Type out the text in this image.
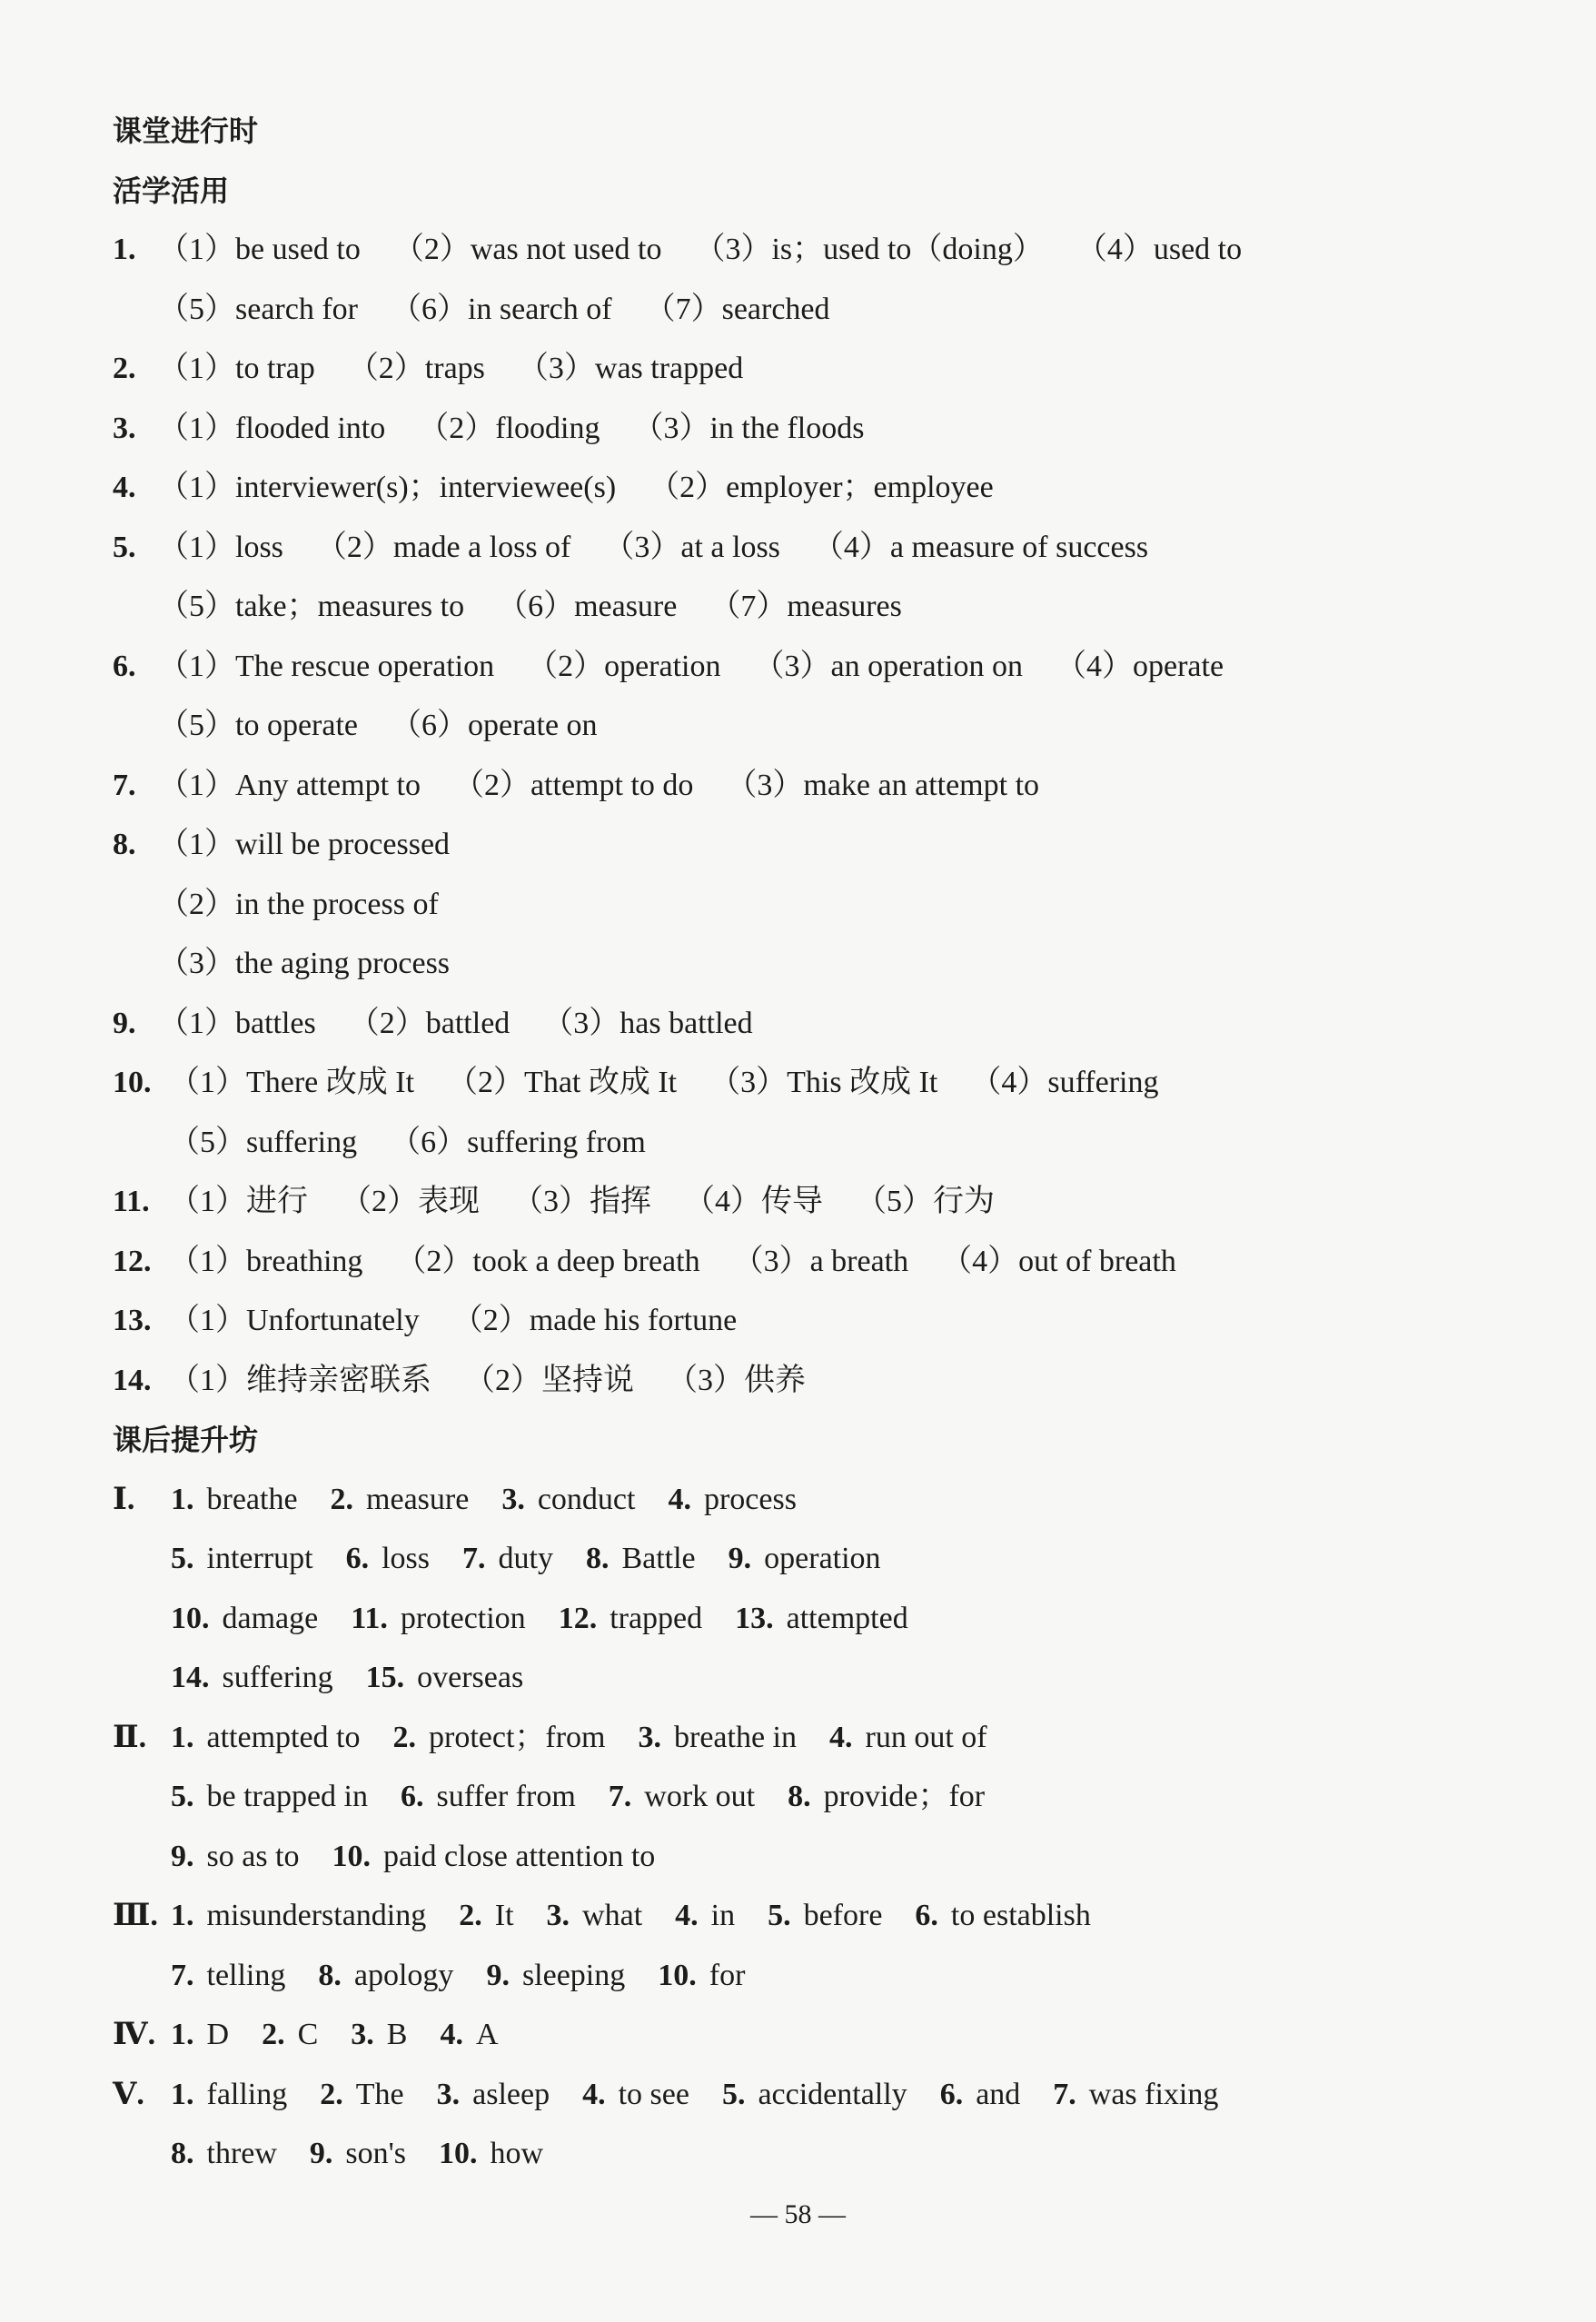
课堂进行时
活学活用
1. （1）be used to （2）was not used to （3）is；used to（doing） （4）used to
（5）search for （6）in search of （7）searched
2. （1）to trap （2）traps （3）was trapped
3. （1）flooded into （2）flooding （3）in the floods
4. （1）interviewer(s)；interviewee(s) （2）employer；employee
5. （1）loss （2）made a loss of （3）at a loss （4）a measure of success
（5）take；measures to （6）measure （7）measures
6. （1）The rescue operation （2）operation （3）an operation on （4）operate
（5）to operate （6）operate on
7. （1）Any attempt to （2）attempt to do （3）make an attempt to
8. （1）will be processed
（2）in the process of
（3）the aging process
9. （1）battles （2）battled （3）has battled
10. （1）There 改成 It （2）That 改成 It （3）This 改成 It （4）suffering
（5）suffering （6）suffering from
11. （1）进行 （2）表现 （3）指挥 （4）传导 （5）行为
12. （1）breathing （2）took a deep breath （3）a breath （4）out of breath
13. （1）Unfortunately （2）made his fortune
14. （1）维持亲密联系 （2）坚持说 （3）供养
课后提升坊
Ⅰ. 1. breathe 2. measure 3. conduct 4. process
5. interrupt 6. loss 7. duty 8. Battle 9. operation
10. damage 11. protection 12. trapped 13. attempted
14. suffering 15. overseas
Ⅱ. 1. attempted to 2. protect；from 3. breathe in 4. run out of
5. be trapped in 6. suffer from 7. work out 8. provide；for
9. so as to 10. paid close attention to
Ⅲ. 1. misunderstanding 2. It 3. what 4. in 5. before 6. to establish
7. telling 8. apology 9. sleeping 10. for
Ⅳ. 1. D 2. C 3. B 4. A
Ⅴ. 1. falling 2. The 3. asleep 4. to see 5. accidentally 6. and 7. was fixing
8. threw 9. son's 10. how
— 58 —
